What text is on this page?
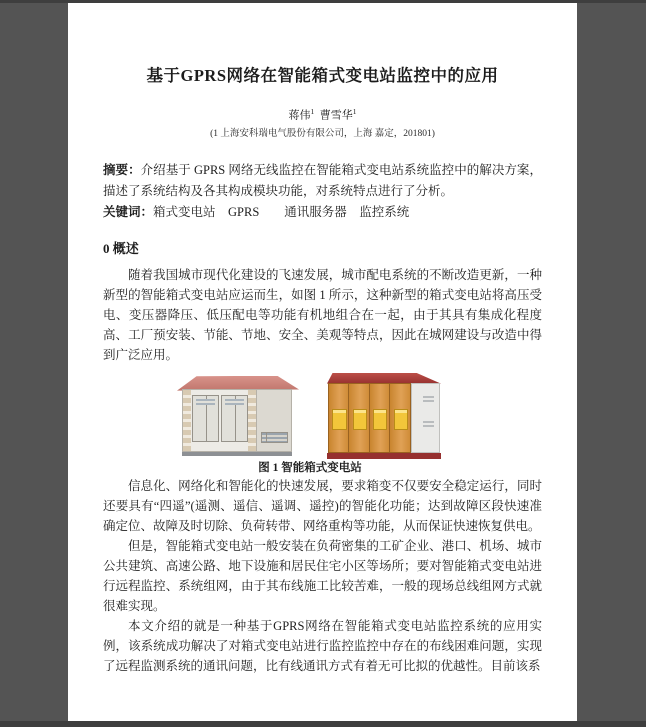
基于GPRS网络在智能箱式变电站监控中的应用
蒋伟$^1$ 曹雪华$^1$
(1 上海安科瑞电气股份有限公司，上海 嘉定，201801)

摘要：介绍基于 GPRS 网络无线监控在智能箱式变电站系统监控中的解决方案，描述了系统结构及各其构成模块功能，对系统特点进行了分析。

关键词：箱式变电站　GPRS　　通讯服务器　监控系统

0 概述

随着我国城市现代化建设的飞速发展，城市配电系统的不断改造更新，一种新型的智能箱式变电站应运而生，如图 1 所示，这种新型的箱式变电站将高压受电、变压器降压、低压配电等功能有机地组合在一起，由于其具有集成化程度高、工厂预安装、节能、节地、安全、美观等特点，因此在城网建设与改造中得到广泛应用。

图 1 智能箱式变电站

信息化、网络化和智能化的快速发展，要求箱变不仅要安全稳定运行，同时还要具有“四遥”(遥测、遥信、遥调、遥控)的智能化功能；达到故障区段快速准确定位、故障及时切除、负荷转带、网络重构等功能，从而保证快速恢复供电。

但是，智能箱式变电站一般安装在负荷密集的工矿企业、港口、机场、城市公共建筑、高速公路、地下设施和居民住宅小区等场所；要对智能箱式变电站进行远程监控、系统组网，由于其布线施工比较苦难，一般的现场总线组网方式就很难实现。

本文介绍的就是一种基于GPRS网络在智能箱式变电站监控系统的应用实例，该系统成功解决了对箱式变电站进行监控监控中存在的布线困难问题，实现了远程监测系统的通讯问题，比有线通讯方式有着无可比拟的优越性。目前该系
